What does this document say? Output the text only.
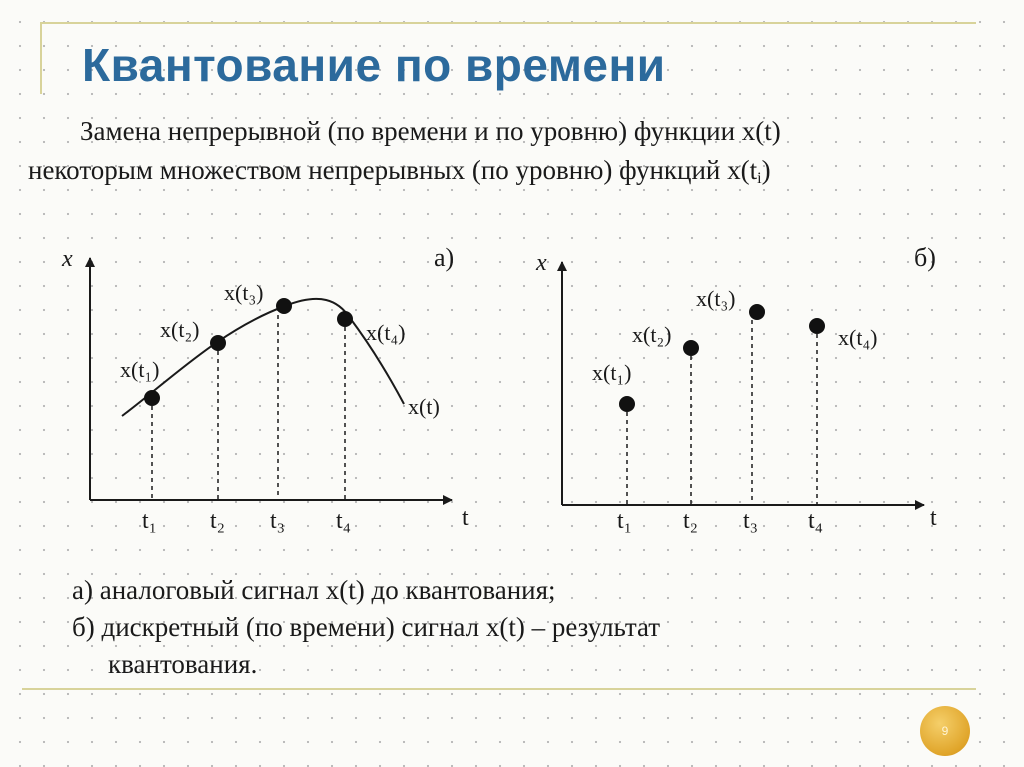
Квантование по времени

Замена непрерывной (по времени и по уровню) функции x(t)
некоторым множеством непрерывных (по уровню) функций $x(t_i)$

x
t
а)
x(t₁)
x(t₂)
x(t₃)
x(t₄)
x(t)
t₁ t₂ t₃ t₄
x
t
б)
x(t₁)
x(t₂)
x(t₃)
x(t₄)
t₁ t₂ t₃ t₄

а) аналоговый сигнал x(t) до квантования;
б) дискретный (по времени) сигнал x(t) – результат
квантования.

9
